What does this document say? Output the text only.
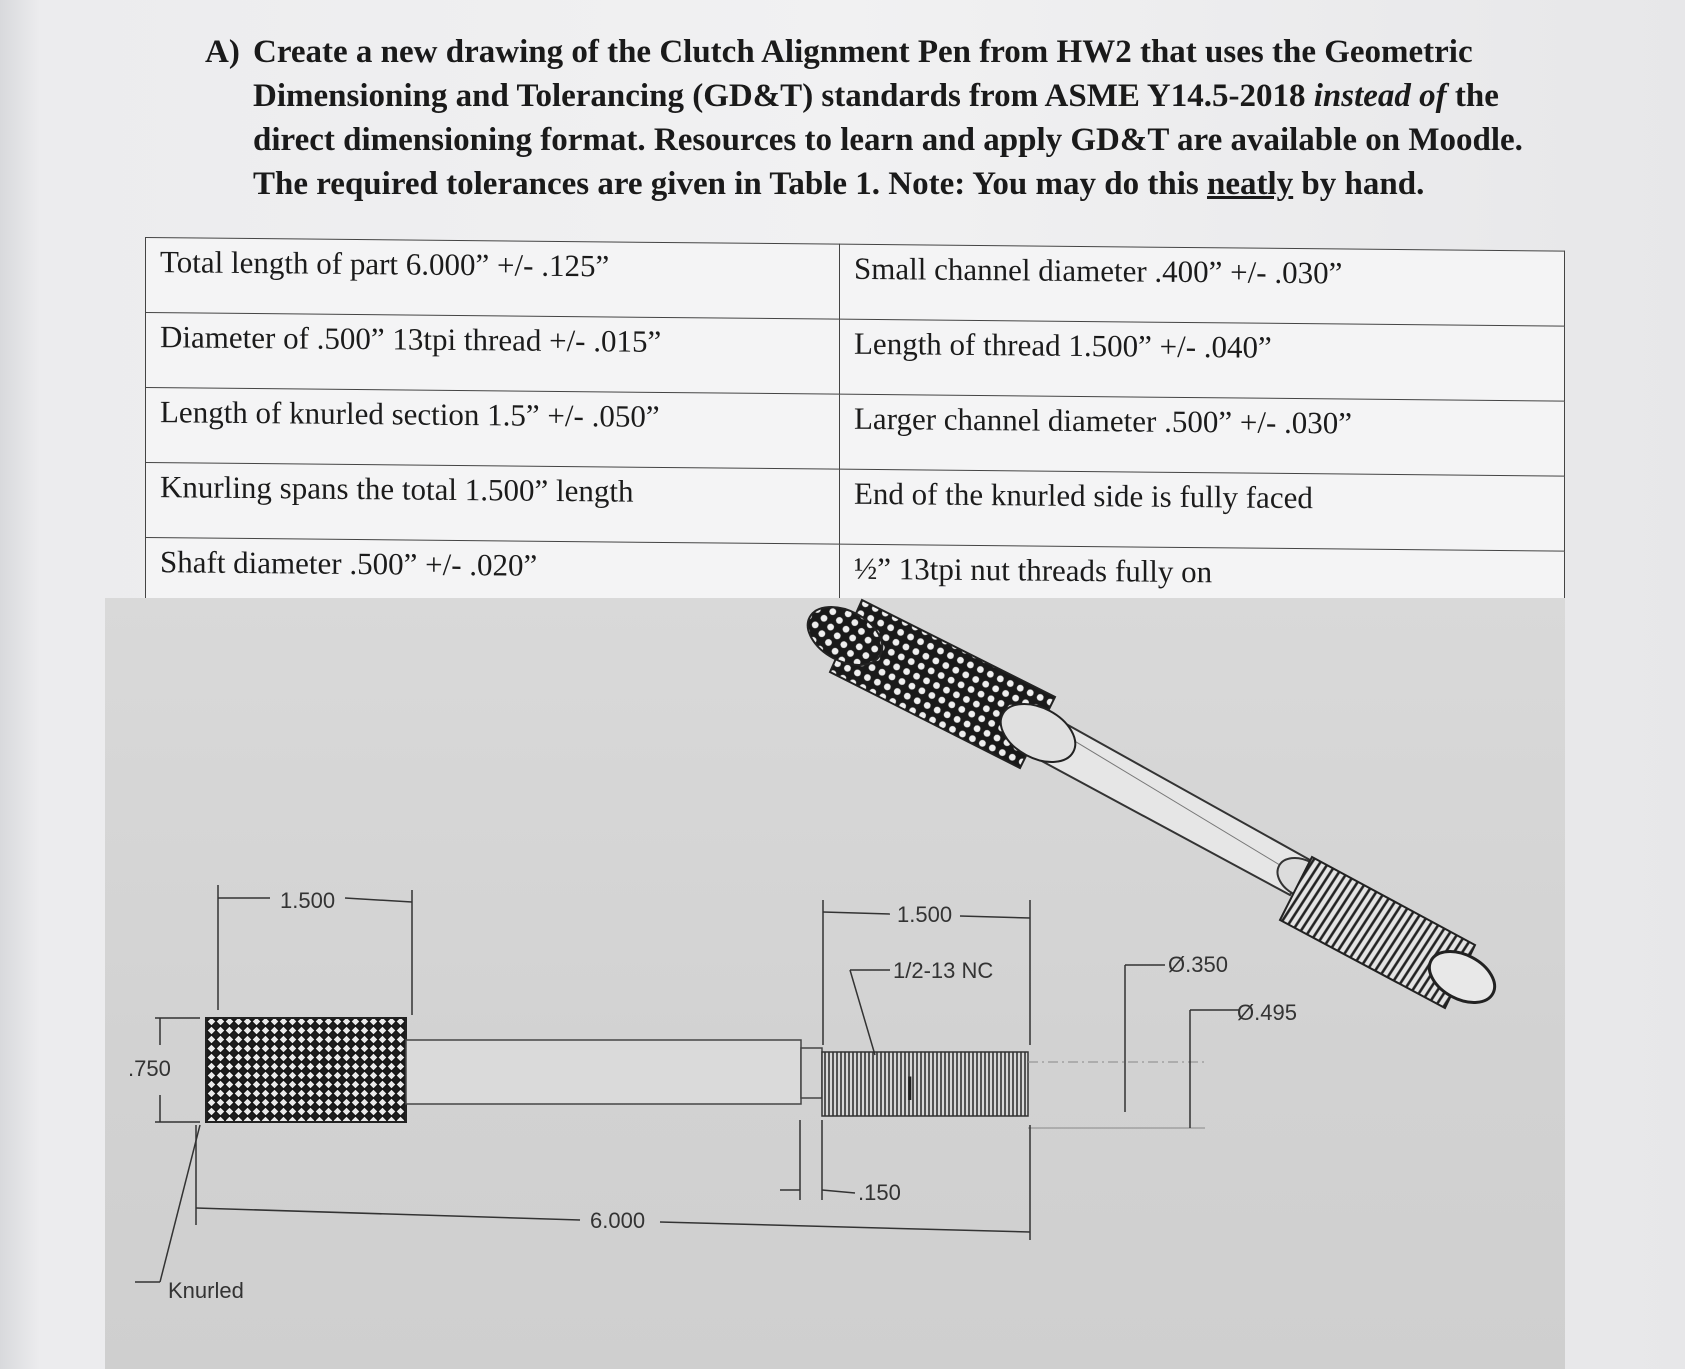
A) Create a new drawing of the Clutch Alignment Pen from HW2 that uses the Geometric
Dimensioning and Tolerancing (GD&T) standards from ASME Y14.5-2018 instead of the
direct dimensioning format. Resources to learn and apply GD&T are available on Moodle.
The required tolerances are given in Table 1. Note: You may do this neatly by hand.
Total length of part 6.000” +/- .125”	Small channel diameter .400” +/- .030”
Diameter of .500” 13tpi thread +/- .015”	Length of thread 1.500” +/- .040”
Length of knurled section 1.5” +/- .050”	Larger channel diameter .500” +/- .030”
Knurling spans the total 1.500” length	End of the knurled side is fully faced
Shaft diameter .500” +/- .020”	½” 13tpi nut threads fully on
I
1.500
1.500
1/2-13 NC	Ø.350
Ø.495
.750
6.000
.150
Knurled
